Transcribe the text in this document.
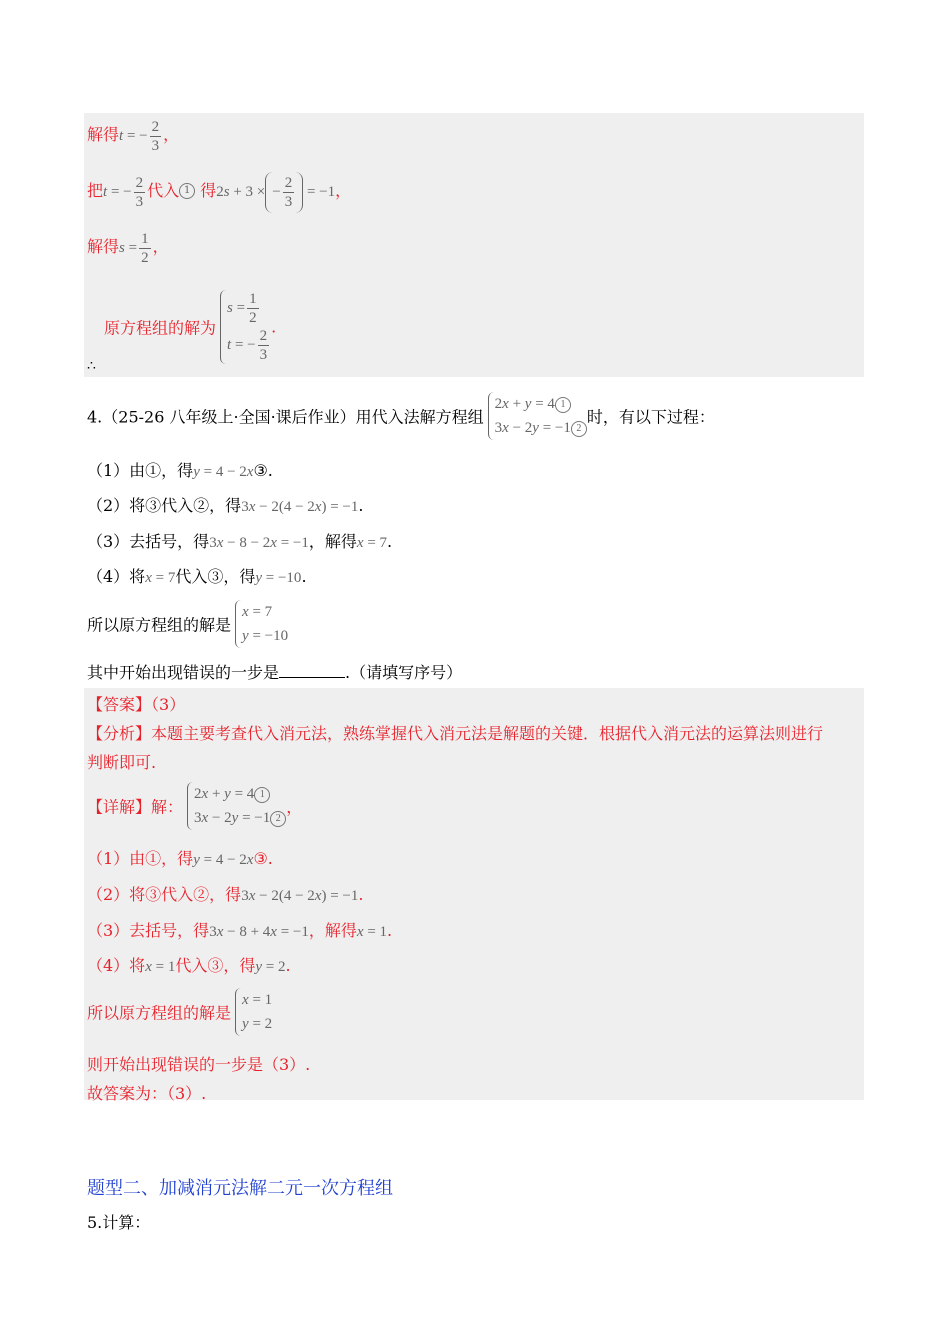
解得t = − $\frac{2}{3}$ ，
把t = − $\frac{2}{3}$ 代入 1 得2s + 3 × − $\frac{2}{3} = -1$，
解得$s = \frac{1}{2}$ ，
原方程组的解为
$s = \frac{1}{2}$
t = − $\frac{2}{3}$ .
∴
4.（25-26 八年级上·全国·课后作业）用代入法解方程组
2x + y = 4 1
3x − 2y = −1 2
时，有以下过程：
（1）由①，得y = 4 − 2x③.
（2）将③代入②，得3x − 2(4 − 2x) = −1.
（3）去括号，得3x − 8 − 2x = −1，解得x = 7.
（4）将x = 7代入③，得y = −10.
所以原方程组的解是
x = 7
y = −10
其中开始出现错误的一步是	.（请填写序号）
【答案】（3）
【分析】本题主要考查代入消元法，熟练掌握代入消元法是解题的关键．根据代入消元法的运算法则进行
判断即可.
【详解】解：
2x + y = 4 1
3x − 2y = −1 2
，
（1）由①，得y = 4 − 2x③.
（2）将③代入②，得3x − 2(4 − 2x) = −1.
（3）去括号，得3x − 8 + 4x = −1，解得x = 1.
（4）将x = 1代入③，得y = 2.
所以原方程组的解是
x = 1
y = 2
则开始出现错误的一步是（3）.
故答案为：（3）.
题型二、加减消元法解二元一次方程组
5.计算：
